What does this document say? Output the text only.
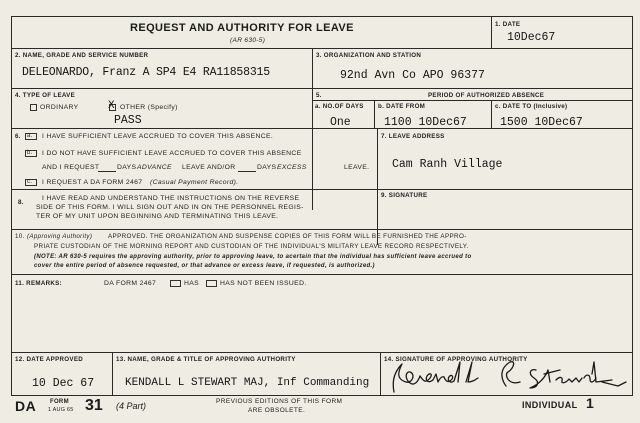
REQUEST AND AUTHORITY FOR LEAVE
(AR 630-5)
1. DATE
10Dec67
2. NAME, GRADE AND SERVICE NUMBER
DELEONARDO, Franz A SP4 E4 RA11858315
3. ORGANIZATION AND STATION
92nd Avn Co APO 96377
4. TYPE OF LEAVE
ORDINARY	X OTHER (Specify)
PASS
5.	PERIOD OF AUTHORIZED ABSENCE
a. NO.OF DAYS
One
b. DATE FROM
1100 10Dec67
c. DATE TO (Inclusive)
1500 10Dec67
6. a. I HAVE SUFFICIENT LEAVE ACCRUED TO COVER THIS ABSENCE.
b. I DO NOT HAVE SUFFICIENT LEAVE ACCRUED TO COVER THIS ABSENCE
AND I REQUEST	DAYS ADVANCE LEAVE AND/OR	DAYS EXCESS	LEAVE.
c. I REQUEST A DA FORM 2467 (Casual Payment Record).
7. LEAVE ADDRESS
Cam Ranh Village
8.
I HAVE READ AND UNDERSTAND THE INSTRUCTIONS ON THE REVERSE
SIDE OF THIS FORM. I WILL SIGN OUT AND IN ON THE PERSONNEL REGIS-
TER OF MY UNIT UPON BEGINNING AND TERMINATING THIS LEAVE.
9. SIGNATURE
10. (Approving Authority)	APPROVED. THE ORGANIZATION AND SUSPENSE COPIES OF THIS FORM WILL BE FURNISHED THE APPRO-
PRIATE CUSTODIAN OF THE MORNING REPORT AND CUSTODIAN OF THE INDIVIDUAL'S MILITARY LEAVE RECORD RESPECTIVELY.
(NOTE: AR 630-5 requires the approving authority, prior to approving leave, to acertain that the individual has sufficient leave accrued to
cover the entire period of absence requested, or that advance or excess leave, if requested, is authorized.)
11. REMARKS:	DA FORM 2467	HAS	HAS NOT BEEN ISSUED.
12. DATE APPROVED
10 Dec 67
13. NAME, GRADE & TITLE OF APPROVING AUTHORITY
KENDALL L STEWART MAJ, Inf Commanding
14. SIGNATURE OF APPROVING AUTHORITY
DA FORM
1 AUG 65 31 (4 Part)	PREVIOUS EDITIONS OF THIS FORM
ARE OBSOLETE.
INDIVIDUAL 1
